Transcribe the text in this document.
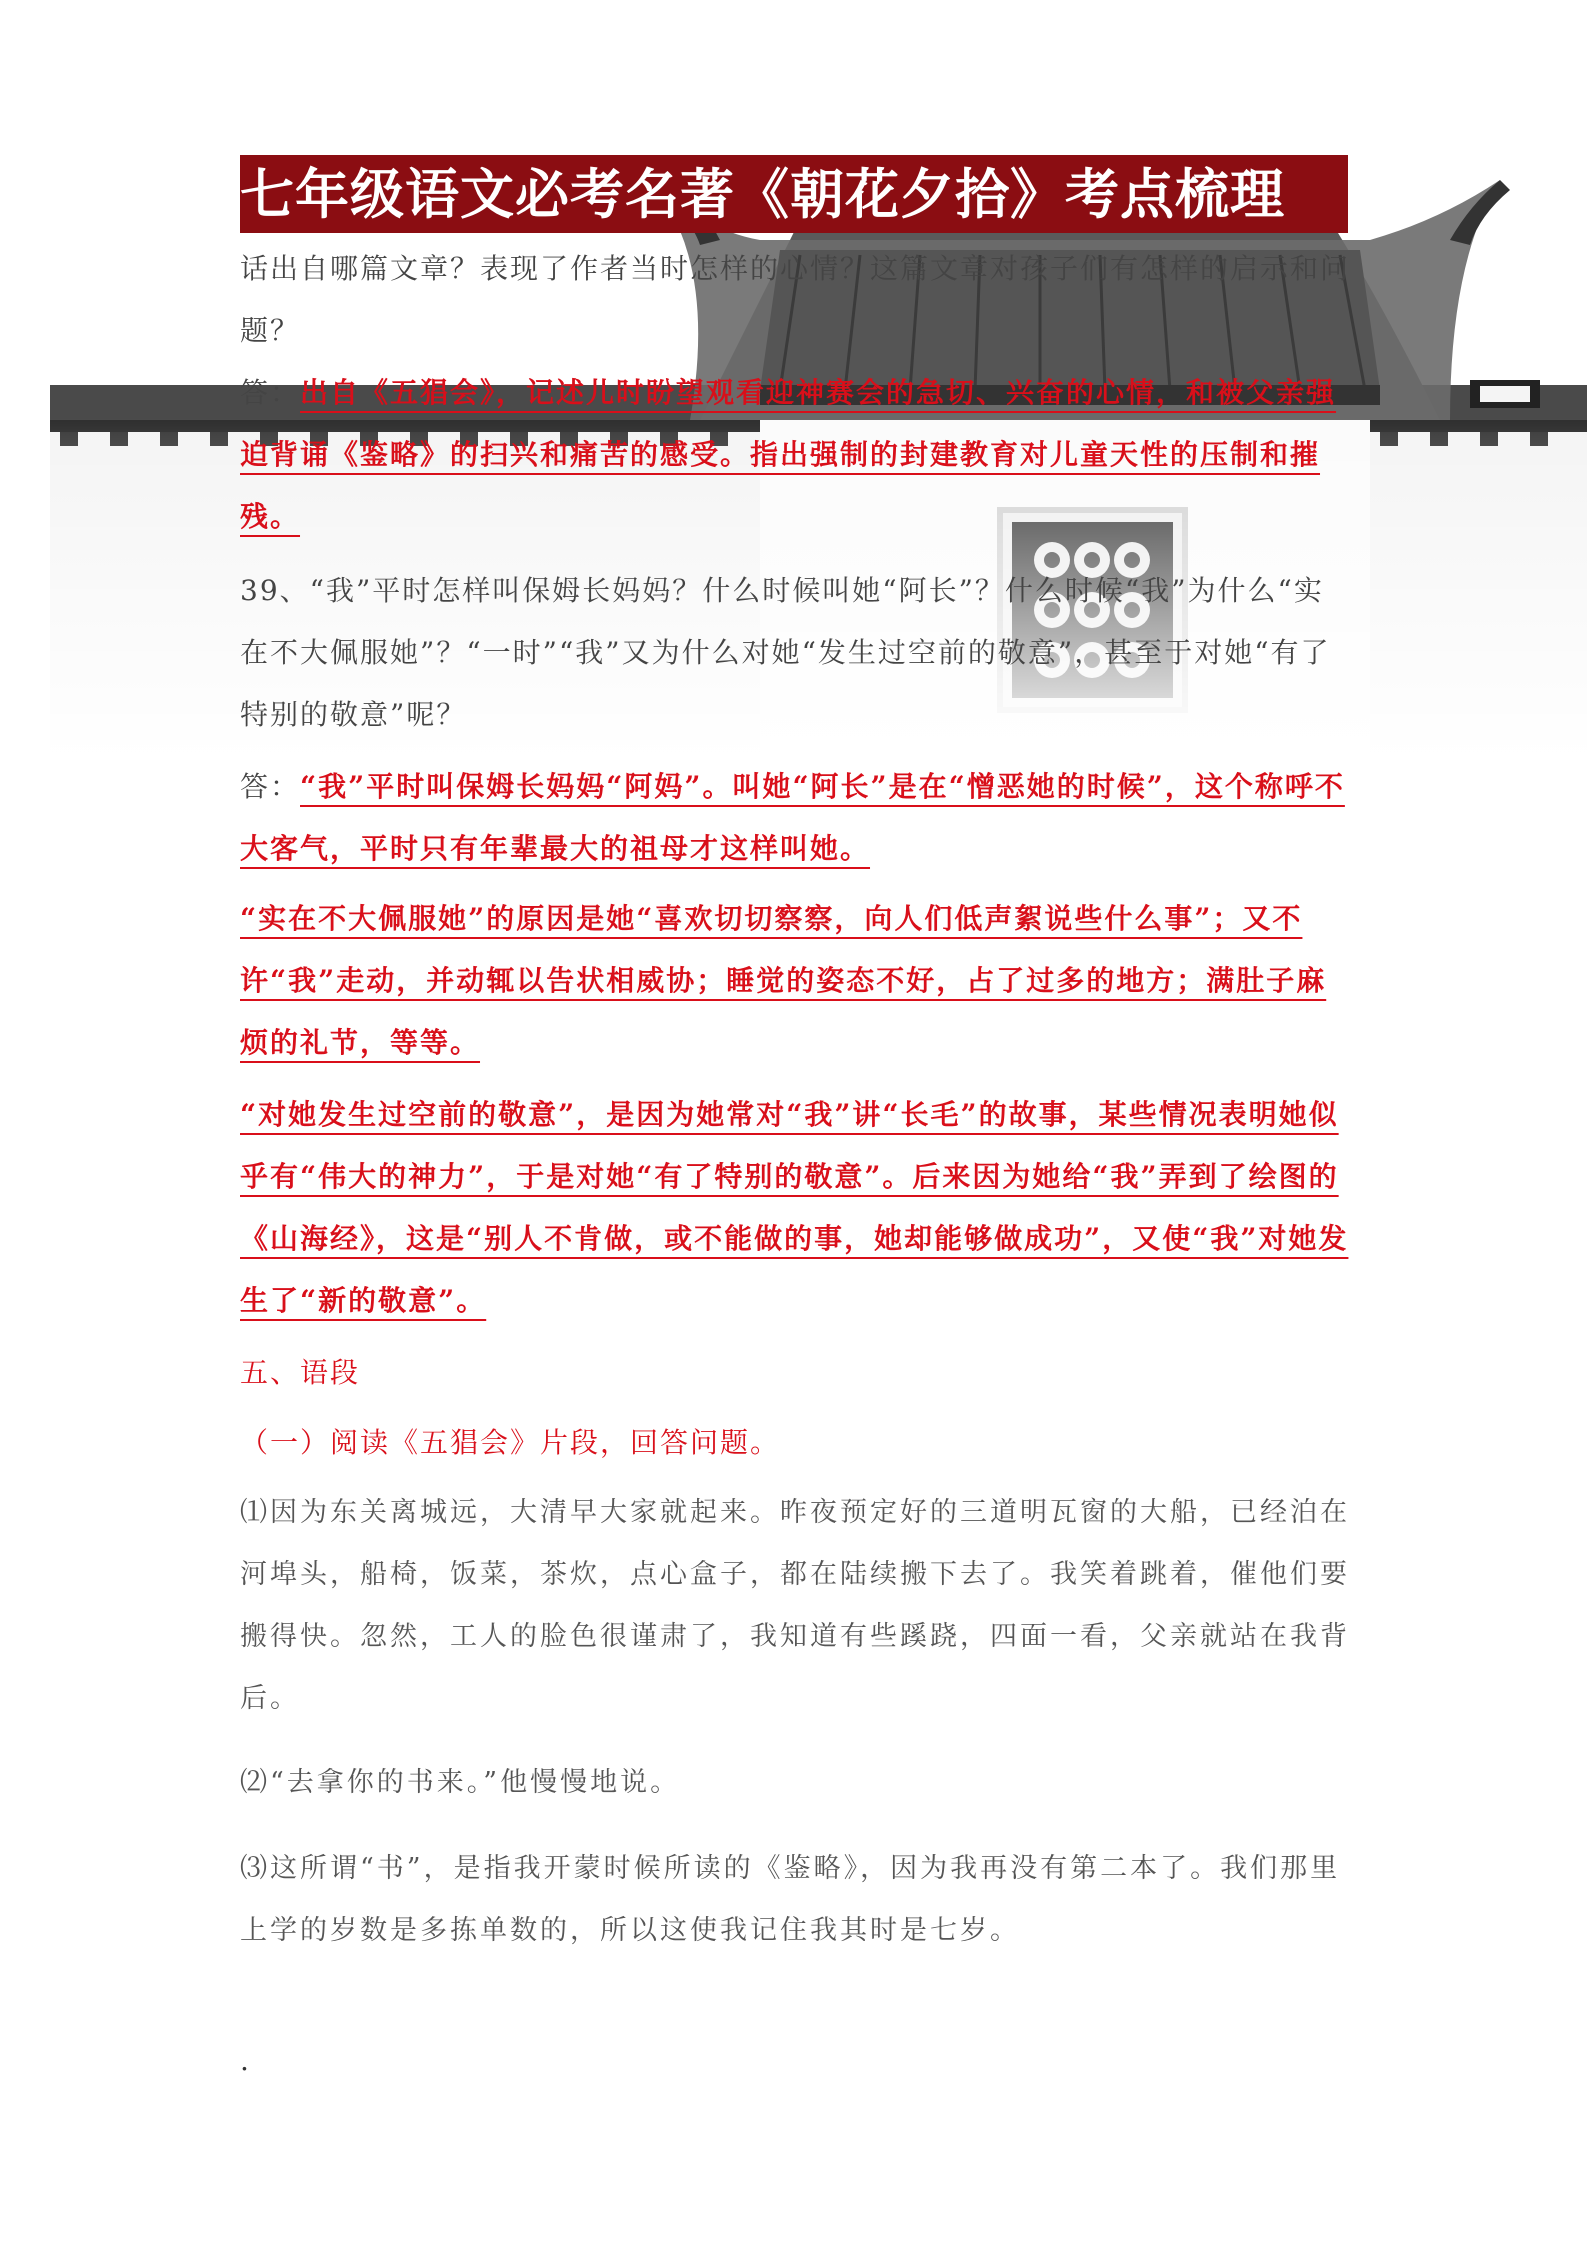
七年级语文必考名著《朝花夕拾》考点梳理
话出自哪篇文章？表现了作者当时怎样的心情？这篇文章对孩子们有怎样的启示和问题？
答：出自《五猖会》，记述儿时盼望观看迎神赛会的急切、兴奋的心情，和被父亲强迫背诵《鉴略》的扫兴和痛苦的感受。指出强制的封建教育对儿童天性的压制和摧残。
39、“我”平时怎样叫保姆长妈妈？什么时候叫她“阿长”？什么时候“我”为什么“实在不大佩服她”？“一时”“我”又为什么对她“发生过空前的敬意”，甚至于对她“有了特别的敬意”呢？
答：“我”平时叫保姆长妈妈“阿妈”。叫她“阿长”是在“憎恶她的时候”，这个称呼不大客气，平时只有年辈最大的祖母才这样叫她。
“实在不大佩服她”的原因是她“喜欢切切察察，向人们低声絮说些什么事”；又不许“我”走动，并动辄以告状相威协；睡觉的姿态不好，占了过多的地方；满肚子麻烦的礼节，等等。
“对她发生过空前的敬意”，是因为她常对“我”讲“长毛”的故事，某些情况表明她似乎有“伟大的神力”，于是对她“有了特别的敬意”。后来因为她给“我”弄到了绘图的《山海经》，这是“别人不肯做，或不能做的事，她却能够做成功”，又使“我”对她发生了“新的敬意”。
五、语段
（一）阅读《五猖会》片段，回答问题。
⑴因为东关离城远，大清早大家就起来。昨夜预定好的三道明瓦窗的大船，已经泊在河埠头，船椅，饭菜，茶炊，点心盒子，都在陆续搬下去了。我笑着跳着，催他们要搬得快。忽然，工人的脸色很谨肃了，我知道有些蹊跷，四面一看，父亲就站在我背后。
⑵“去拿你的书来。”他慢慢地说。
⑶这所谓“书”，是指我开蒙时候所读的《鉴略》，因为我再没有第二本了。我们那里上学的岁数是多拣单数的，所以这使我记住我其时是七岁。
.
